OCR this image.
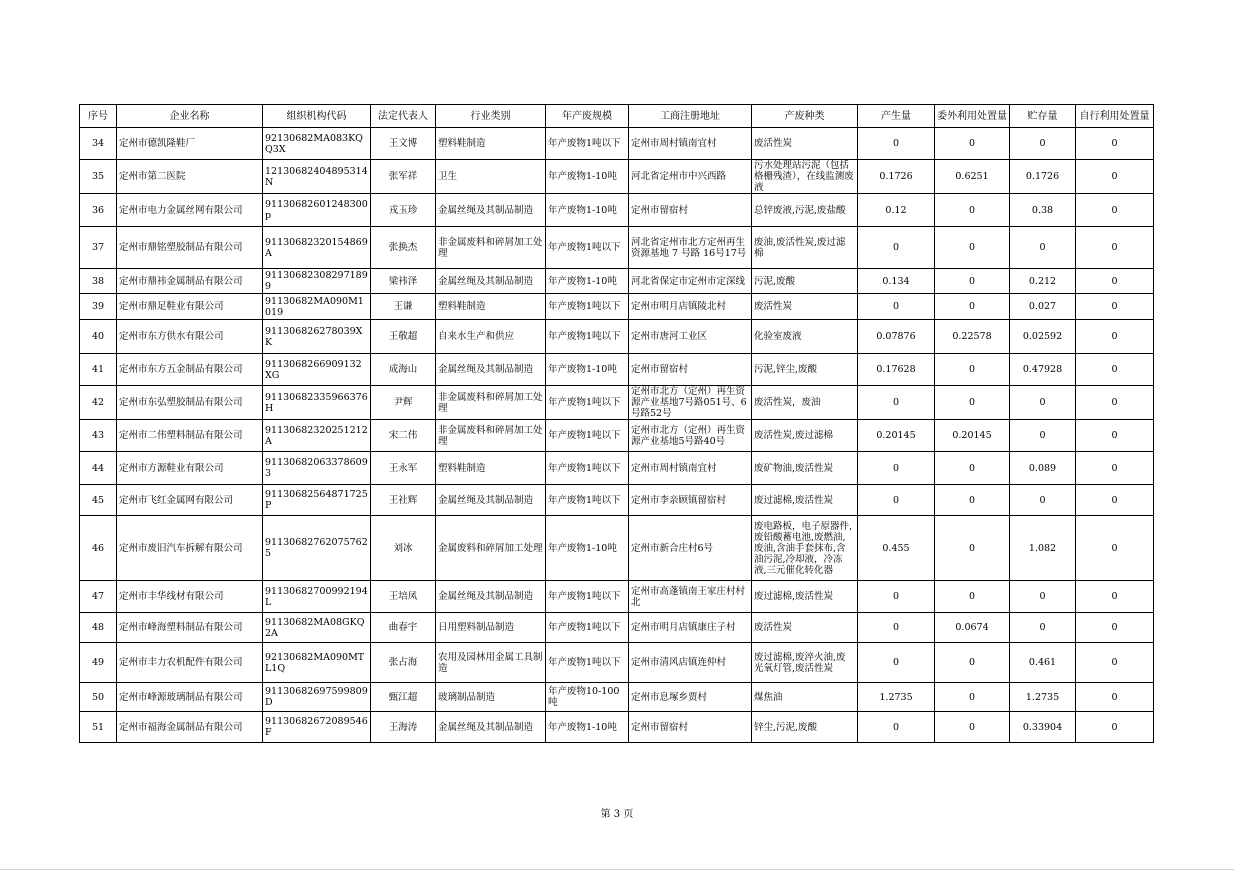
序号	企业名称	组织机构代码	法定代表人	行业类别	年产废规模	工商注册地址	产废种类	产生量	委外利用处置量	贮存量	自行利用处置量
34	定州市德凯隆鞋厂	92130682MA083KQQ3X	王文博	塑料鞋制造	年产废物1吨以下	定州市周村镇南宜村	废活性炭	0	0	0	0
35	定州市第二医院	12130682404895314N	张军祥	卫生	年产废物1-10吨	河北省定州市中兴西路	污水处理站污泥（包括格栅残渣），在线监测废液	0.1726	0.6251	0.1726	0
36	定州市电力金属丝网有限公司	91130682601248300p	戎玉珍	金属丝绳及其制品制造	年产废物1-10吨	定州市留宿村	总锌废液,污泥,废盐酸	0.12	0	0.38	0
37	定州市鼎铭塑胶制品有限公司	91130682320154869A	张换杰	非金属废料和碎屑加工处理	年产废物1吨以下	河北省定州市北方定州再生资源基地 7 号路 16号17号	废油,废活性炭,废过滤棉	0	0	0	0
38	定州市鼎祎金属制品有限公司	91130682308297189 9	梁祎泽	金属丝绳及其制品制造	年产废物1-10吨	河北省保定市定州市定深线	污泥,废酸	0.134	0	0.212	0
39	定州市鼎足鞋业有限公司	91130682MA090M1019	王谦	塑料鞋制造	年产废物1吨以下	定州市明月店镇陵北村	废活性炭	0	0	0.027	0
40	定州市东方供水有限公司	911306826278039XK	王敬超	自来水生产和供应	年产废物1吨以下	定州市唐河工业区	化验室废液	0.07876	0.22578	0.02592	0
41	定州市东方五金制品有限公司	9113068266909132XG	成海山	金属丝绳及其制品制造	年产废物1-10吨	定州市留宿村	污泥,锌尘,废酸	0.17628	0	0.47928	0
42	定州市东弘塑胶制品有限公司	91130682335966376H	尹辉	非金属废料和碎屑加工处理	年产废物1吨以下	定州市北方（定州）再生资源产业基地7号路051号、6号路52号	废活性炭，废油	0	0	0	0
43	定州市二伟塑料制品有限公司	91130682320251212A	宋二伟	非金属废料和碎屑加工处理	年产废物1吨以下	定州市北方（定州）再生资源产业基地5号路40号	废活性炭,废过滤棉	0.20145	0.20145	0	0
44	定州市方源鞋业有限公司	91130682063378609 3	王永军	塑料鞋制造	年产废物1吨以下	定州市周村镇南宜村	废矿物油,废活性炭	0	0	0.089	0
45	定州市飞红金属网有限公司	91130682564871725P	王社辉	金属丝绳及其制品制造	年产废物1吨以下	定州市李亲顾镇留宿村	废过滤棉,废活性炭	0	0	0	0
46	定州市废旧汽车拆解有限公司	91130682762075762 5	刘冰	金属废料和碎屑加工处理	年产废物1-10吨	定州市新合庄村6号	废电路板，电子原器件,废铅酸蓄电池,废燃油,废油,含油手套抹布,含油污泥,冷却液，冷冻液,三元催化转化器	0.455	0	1.082	0
47	定州市丰华线材有限公司	91130682700992194L	王培凤	金属丝绳及其制品制造	年产废物1吨以下	定州市高蓬镇南王家庄村村北	废过滤棉,废活性炭	0	0	0	0
48	定州市峰海塑料制品有限公司	91130682MA08GKQ2A	曲春宇	日用塑料制品制造	年产废物1吨以下	定州市明月店镇康庄子村	废活性炭	0	0.0674	0	0
49	定州市丰力农机配件有限公司	92130682MA090MTL1Q	张占海	农用及园林用金属工具制造	年产废物1吨以下	定州市清风店镇连仲村	废过滤棉,废淬火油,废光氧灯管,废活性炭	0	0	0.461	0
50	定州市峰源玻璃制品有限公司	91130682697599809D	甄江超	玻璃制品制造	年产废物10-100吨	定州市息塚乡贾村	煤焦油	1.2735	0	1.2735	0
51	定州市福海金属制品有限公司	91130682672089546F	王海涛	金属丝绳及其制品制造	年产废物1-10吨	定州市留宿村	锌尘,污泥,废酸	0	0	0.33904	0
第 3 页
